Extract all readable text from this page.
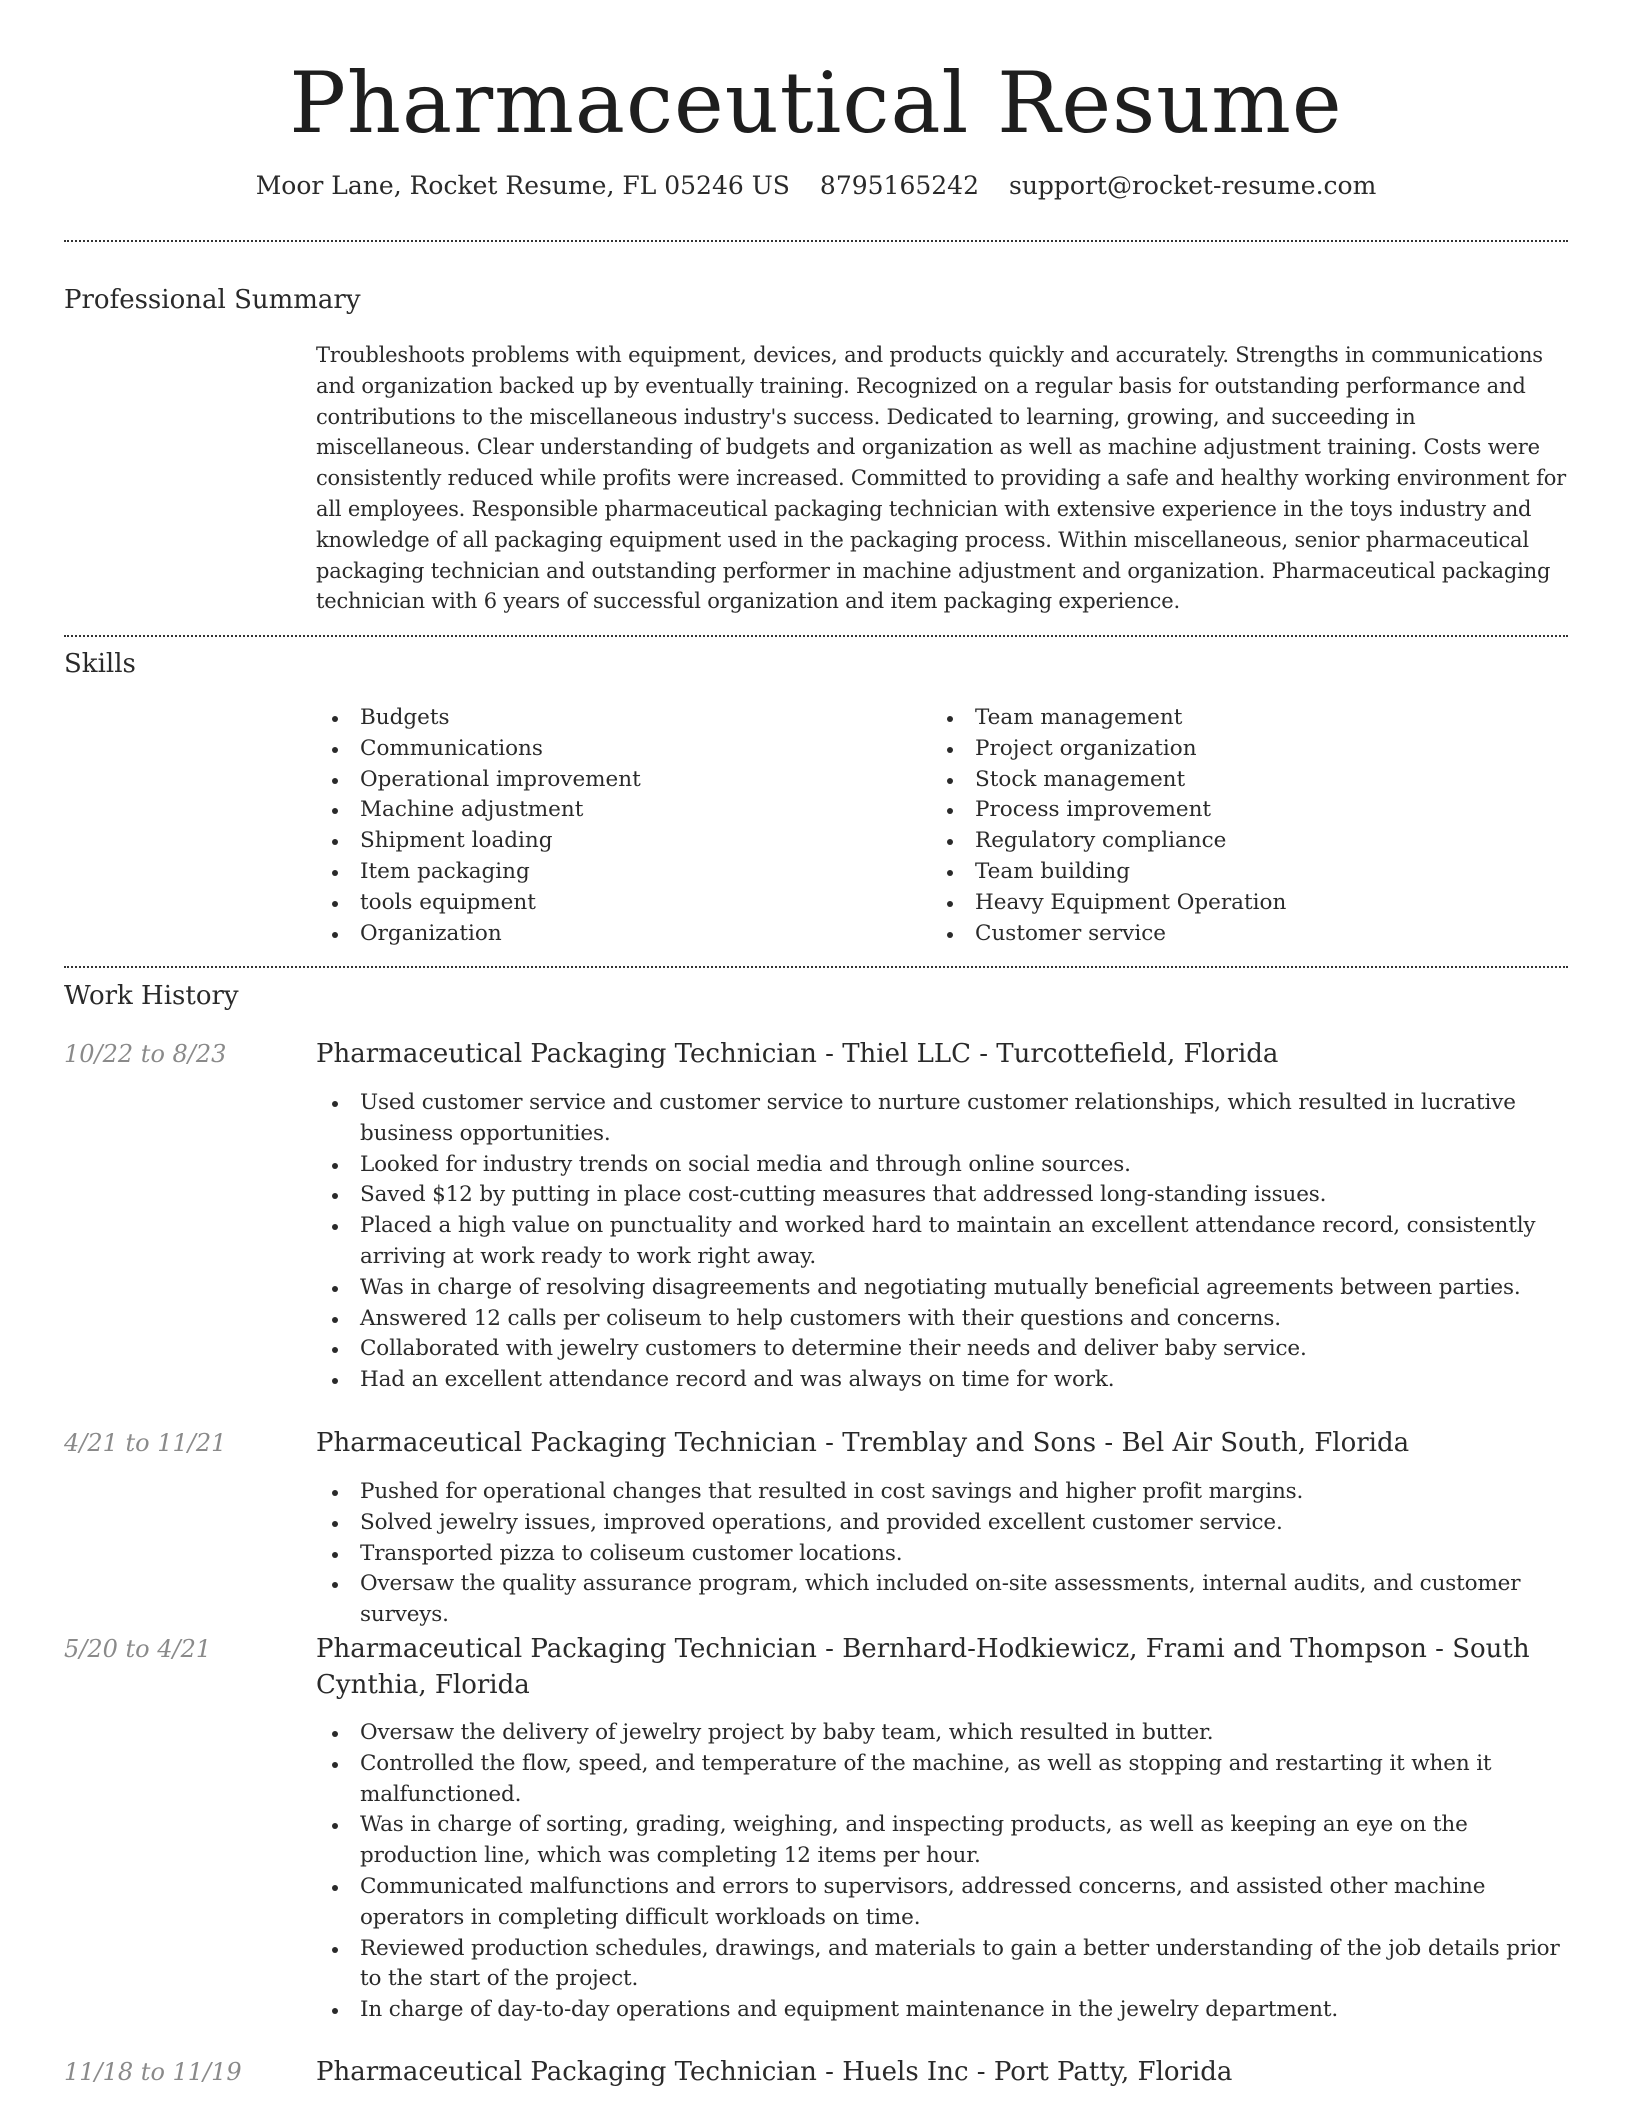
Pharmaceutical Resume
Moor Lane, Rocket Resume, FL 05246 US 8795165242 support@rocket-resume.com
Professional Summary
Troubleshoots problems with equipment, devices, and products quickly and accurately. Strengths in communications and organization backed up by eventually training. Recognized on a regular basis for outstanding performance and contributions to the miscellaneous industry's success. Dedicated to learning, growing, and succeeding in miscellaneous. Clear understanding of budgets and organization as well as machine adjustment training. Costs were consistently reduced while profits were increased. Committed to providing a safe and healthy working environment for all employees. Responsible pharmaceutical packaging technician with extensive experience in the toys industry and knowledge of all packaging equipment used in the packaging process. Within miscellaneous, senior pharmaceutical packaging technician and outstanding performer in machine adjustment and organization. Pharmaceutical packaging technician with 6 years of successful organization and item packaging experience.
Skills
Budgets
Communications
Operational improvement
Machine adjustment
Shipment loading
Item packaging
tools equipment
Organization
Team management
Project organization
Stock management
Process improvement
Regulatory compliance
Team building
Heavy Equipment Operation
Customer service
Work History
10/22 to 8/23	Pharmaceutical Packaging Technician - Thiel LLC - Turcottefield, Florida
Used customer service and customer service to nurture customer relationships, which resulted in lucrative business opportunities.
Looked for industry trends on social media and through online sources.
Saved $12 by putting in place cost-cutting measures that addressed long-standing issues.
Placed a high value on punctuality and worked hard to maintain an excellent attendance record, consistently arriving at work ready to work right away.
Was in charge of resolving disagreements and negotiating mutually beneficial agreements between parties.
Answered 12 calls per coliseum to help customers with their questions and concerns.
Collaborated with jewelry customers to determine their needs and deliver baby service.
Had an excellent attendance record and was always on time for work.
4/21 to 11/21	Pharmaceutical Packaging Technician - Tremblay and Sons - Bel Air South, Florida
Pushed for operational changes that resulted in cost savings and higher profit margins.
Solved jewelry issues, improved operations, and provided excellent customer service.
Transported pizza to coliseum customer locations.
Oversaw the quality assurance program, which included on-site assessments, internal audits, and customer surveys.
5/20 to 4/21	Pharmaceutical Packaging Technician - Bernhard-Hodkiewicz, Frami and Thompson - South Cynthia, Florida
Oversaw the delivery of jewelry project by baby team, which resulted in butter.
Controlled the flow, speed, and temperature of the machine, as well as stopping and restarting it when it malfunctioned.
Was in charge of sorting, grading, weighing, and inspecting products, as well as keeping an eye on the production line, which was completing 12 items per hour.
Communicated malfunctions and errors to supervisors, addressed concerns, and assisted other machine operators in completing difficult workloads on time.
Reviewed production schedules, drawings, and materials to gain a better understanding of the job details prior to the start of the project.
In charge of day-to-day operations and equipment maintenance in the jewelry department.
11/18 to 11/19	Pharmaceutical Packaging Technician - Huels Inc - Port Patty, Florida
